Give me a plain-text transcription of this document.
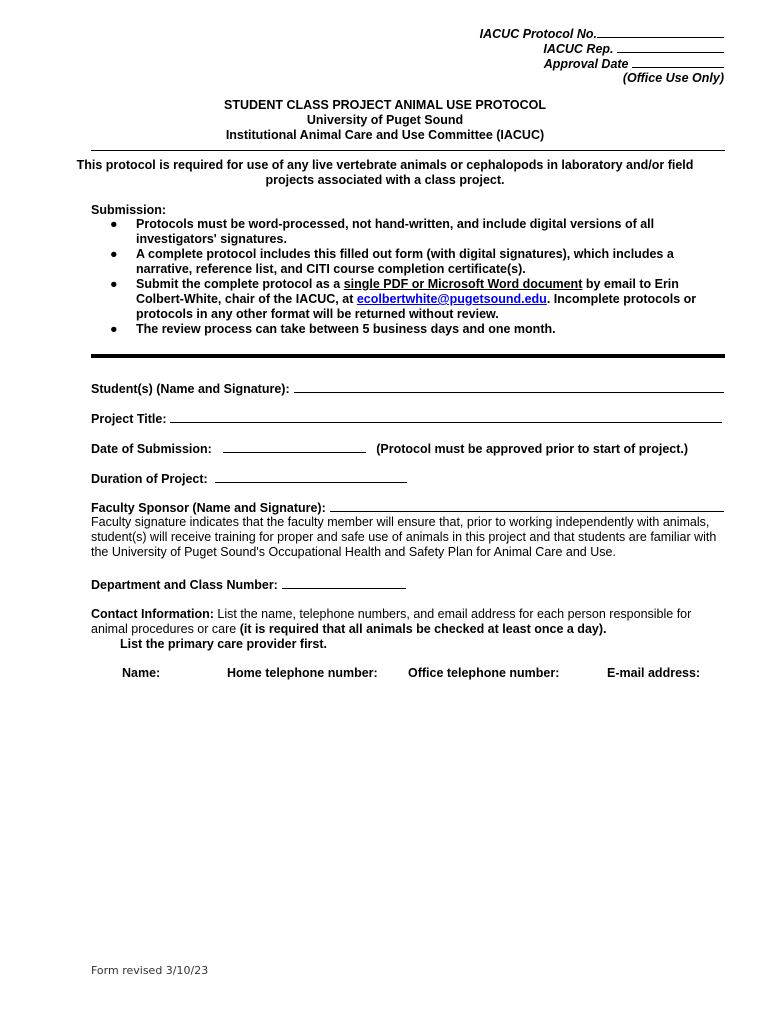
IACUC Protocol No.
IACUC Rep.
Approval Date
(Office Use Only)
STUDENT CLASS PROJECT ANIMAL USE PROTOCOL
University of Puget Sound
Institutional Animal Care and Use Committee (IACUC)
This protocol is required for use of any live vertebrate animals or cephalopods in laboratory and/or field
projects associated with a class project.
Submission:
● Protocols must be word-processed, not hand-written, and include digital versions of all investigators' signatures.
● A complete protocol includes this filled out form (with digital signatures), which includes a narrative, reference list, and CITI course completion certificate(s).
● Submit the complete protocol as a single PDF or Microsoft Word document by email to Erin Colbert-White, chair of the IACUC, at ecolbertwhite@pugetsound.edu. Incomplete protocols or protocols in any other format will be returned without review.
● The review process can take between 5 business days and one month.
Student(s) (Name and Signature):
Project Title:
Date of Submission:	(Protocol must be approved prior to start of project.)
Duration of Project:
Faculty Sponsor (Name and Signature):
Faculty signature indicates that the faculty member will ensure that, prior to working independently with animals, student(s) will receive training for proper and safe use of animals in this project and that students are familiar with the University of Puget Sound's Occupational Health and Safety Plan for Animal Care and Use.
Department and Class Number:
Contact Information: List the name, telephone numbers, and email address for each person responsible for animal procedures or care (it is required that all animals be checked at least once a day).
List the primary care provider first.
Name:	Home telephone number: Office telephone number:	E-mail address:
Form revised 3/10/23
